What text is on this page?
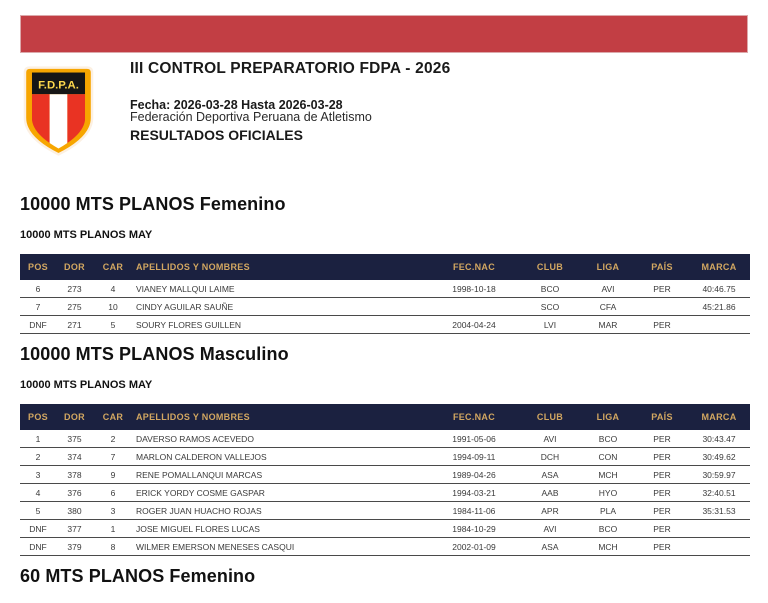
F.D.P.A.
III CONTROL PREPARATORIO FDPA - 2026
Fecha: 2026-03-28 Hasta 2026-03-28
Federación Deportiva Peruana de Atletismo
RESULTADOS OFICIALES
10000 MTS PLANOS Femenino
10000 MTS PLANOS MAY
POS	DOR	CAR	APELLIDOS Y NOMBRES	FEC.NAC	CLUB	LIGA	PAÍS	MARCA
6	273	4	VIANEY MALLQUI LAIME	1998-10-18	BCO	AVI	PER	40:46.75
7	275	10	CINDY AGUILAR SAUÑE		SCO	CFA		45:21.86
DNF	271	5	SOURY FLORES GUILLEN	2004-04-24	LVI	MAR	PER	
10000 MTS PLANOS Masculino
10000 MTS PLANOS MAY
POS	DOR	CAR	APELLIDOS Y NOMBRES	FEC.NAC	CLUB	LIGA	PAÍS	MARCA
1	375	2	DAVERSO RAMOS ACEVEDO	1991-05-06	AVI	BCO	PER	30:43.47
2	374	7	MARLON CALDERON VALLEJOS	1994-09-11	DCH	CON	PER	30:49.62
3	378	9	RENE POMALLANQUI MARCAS	1989-04-26	ASA	MCH	PER	30:59.97
4	376	6	ERICK YORDY COSME GASPAR	1994-03-21	AAB	HYO	PER	32:40.51
5	380	3	ROGER JUAN HUACHO ROJAS	1984-11-06	APR	PLA	PER	35:31.53
DNF	377	1	JOSE MIGUEL FLORES LUCAS	1984-10-29	AVI	BCO	PER	
DNF	379	8	WILMER EMERSON MENESES CASQUI	2002-01-09	ASA	MCH	PER	
60 MTS PLANOS Femenino
